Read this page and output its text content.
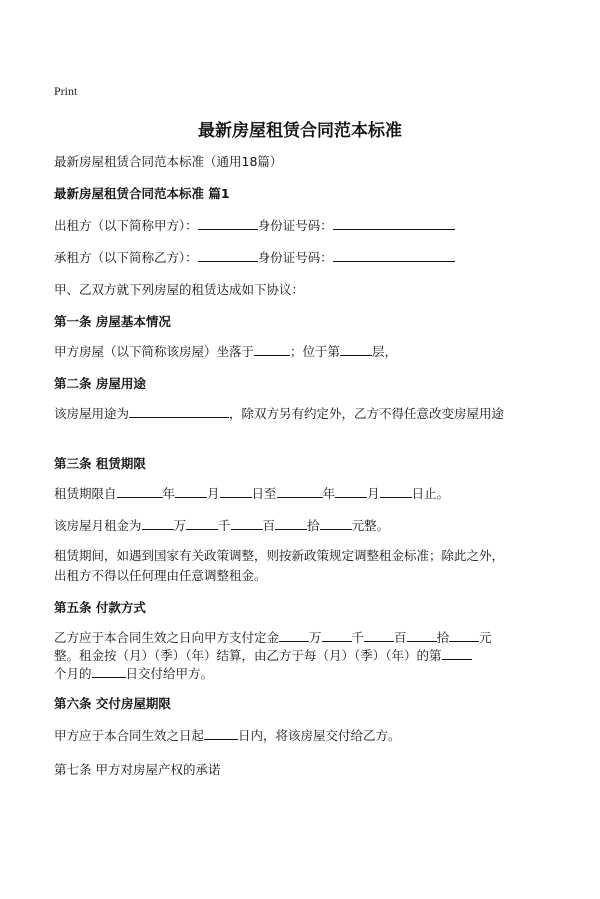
Print
最新房屋租赁合同范本标准
最新房屋租赁合同范本标准（通用18篇）
最新房屋租赁合同范本标准 篇1
出租方（以下简称甲方）：	身份证号码：
承租方（以下简称乙方）：	身份证号码：
甲、乙双方就下列房屋的租赁达成如下协议：
第一条 房屋基本情况
甲方房屋（以下简称该房屋）坐落于	；位于第	层，
第二条 房屋用途
该房屋用途为	，除双方另有约定外，乙方不得任意改变房屋用途
第三条 租赁期限
租赁期限自	年	月	日至	年	月	日止。
该房屋月租金为	万	千	百	拾	元整。
租赁期间，如遇到国家有关政策调整，则按新政策规定调整租金标准；除此之外，
出租方不得以任何理由任意调整租金。
第五条 付款方式
乙方应于本合同生效之日向甲方支付定金 万 千 百 拾 元
整。租金按（月）（季）（年）结算，由乙方于每（月）（季）（年）的第
个月的	日交付给甲方。
第六条 交付房屋期限
甲方应于本合同生效之日起	日内，将该房屋交付给乙方。
第七条 甲方对房屋产权的承诺
